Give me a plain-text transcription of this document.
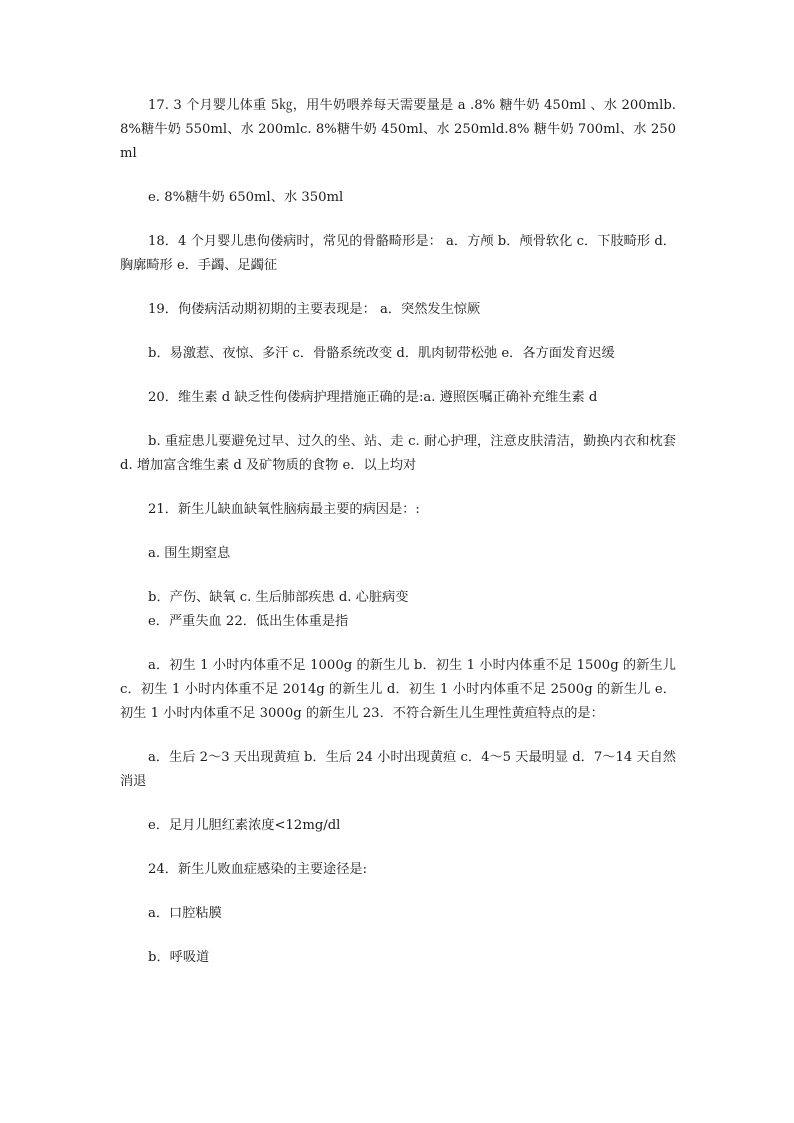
17. 3 个月婴儿体重 5㎏，用牛奶喂养每天需要量是 a .8% 糖牛奶 450ml 、水 200mlb. 8%糖牛奶 550ml、水 200mlc. 8%糖牛奶 450ml、水 250mld.8% 糖牛奶 700ml、水 250ml

e. 8%糖牛奶 650ml、水 350ml

18．4 个月婴儿患佝偻病时，常见的骨骼畸形是： a．方颅 b．颅骨软化 c．下肢畸形 d．胸廓畸形 e．手蠲、足蠲征

19．佝偻病活动期初期的主要表现是： a．突然发生惊厥

b．易激惹、夜惊、多汗 c．骨骼系统改变 d．肌肉韧带松弛 e．各方面发育迟缓

20．维生素 d 缺乏性佝偻病护理措施正确的是:a. 遵照医嘱正确补充维生素 d

b. 重症患儿要避免过早、过久的坐、站、走 c. 耐心护理，注意皮肤清洁，勤换内衣和枕套 d. 增加富含维生素 d 及矿物质的食物 e．以上均对

21．新生儿缺血缺氧性脑病最主要的病因是：:

a. 围生期窒息

b．产伤、缺氧 c. 生后肺部疾患 d. 心脏病变

e．严重失血 22．低出生体重是指

a．初生 1 小时内体重不足 1000g 的新生儿 b．初生 1 小时内体重不足 1500g 的新生儿 c．初生 1 小时内体重不足 2014g 的新生儿 d．初生 1 小时内体重不足 2500g 的新生儿 e．初生 1 小时内体重不足 3000g 的新生儿 23．不符合新生儿生理性黄疸特点的是：

a．生后 2～3 天出现黄疸 b．生后 24 小时出现黄疸 c．4～5 天最明显 d．7～14 天自然消退

e．足月儿胆红素浓度<12mg/dl

24．新生儿败血症感染的主要途径是:

a．口腔粘膜

b．呼吸道
